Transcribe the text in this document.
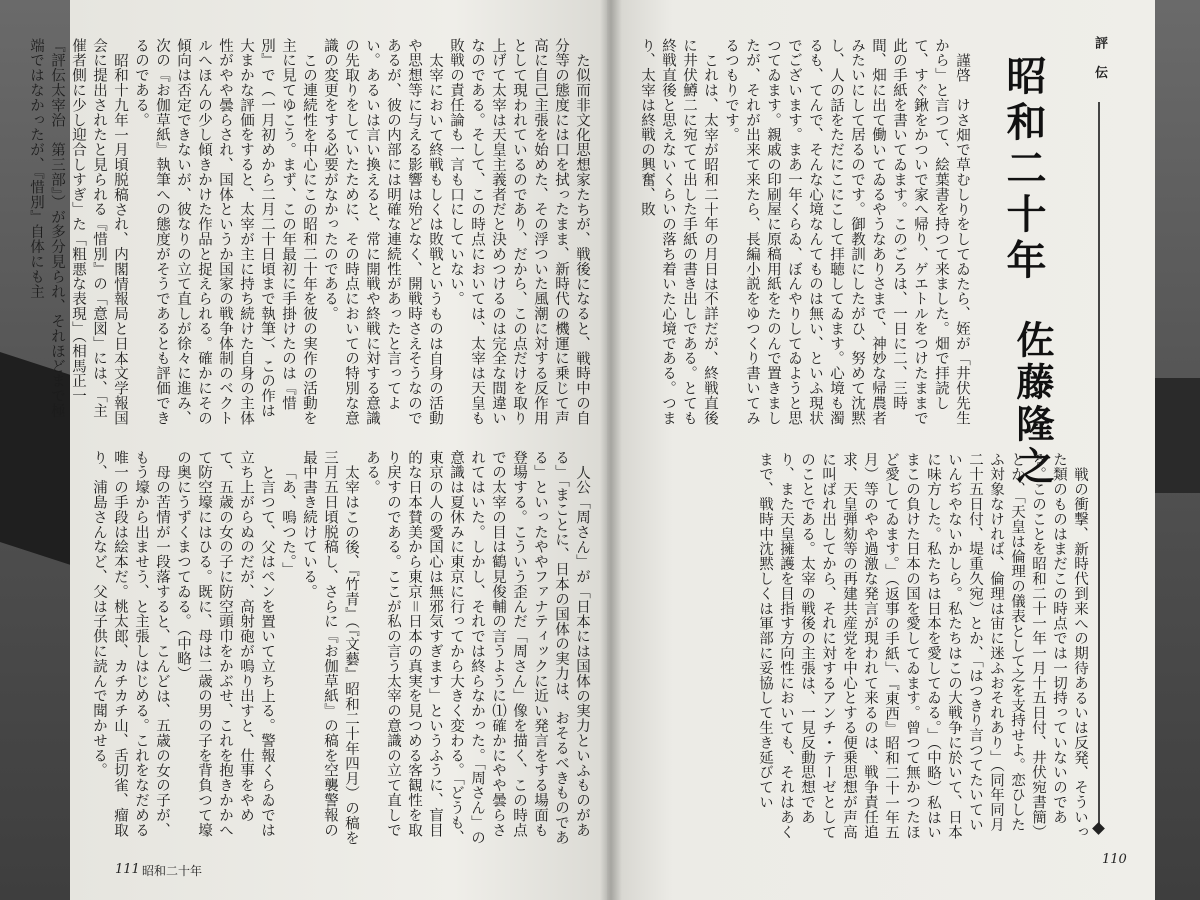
評 伝
昭和二十年
佐藤隆之

謹啓　けさ畑で草むしりをしてゐたら、姪が「井伏先生から」と言つて、絵葉書を持つて来ました。畑で拝読して、すぐ鍬をかついで家へ帰り、ゲエトルをつけたままで此の手紙を書いてゐます。このごろは、一日に二、三時間、畑に出て働いてゐるやうなありさまで、神妙な帰農者みたいにして居るのです。御教訓にしたがひ、努めて沈黙し、人の話をただにこにこして拝聴してゐます。心境も濁るも、てんで、そんな心境なんてものは無い、といふ現状でございます。まあ一年くらゐ、ぼんやりしてゐようと思つてゐます。親戚の印刷屋に原稿用紙をたのんで置きましたが、それが出来て来たら、長編小説をゆつくり書いてみるつもりです。

これは、太宰が昭和二十年の月日は不詳だが、終戦直後に井伏鱒二に宛てて出した手紙の書き出しである。とても終戦直後と思えないくらいの落ち着いた心境である。つまり、太宰は終戦の興奮、敗

戦の衝撃、新時代到来への期待あるいは反発、そういった類のものはまだこの時点では一切持っていないのである。このことを昭和二十一年一月十五日付、井伏宛書簡）とか、「天皇は倫理の儀表として之を支持せよ。恋ひしたふ対象なければ、倫理は宙に迷ふおそれあり」（同年同月二十五日付、堤重久宛）とか、「はつきり言つてたいていいんぢやないかしら。私たちはこの大戦争に於いて、日本に味方した。私たちは日本を愛してゐる。」（中略）私はいまこの負けた日本の国を愛してゐます。曾つて無かつたほど愛してゐます。」（返事の手紙」、『東西』昭和二十一年五月）等のやや過激な発言が現われて来るのは、戦争責任追求、天皇弾劾等の再建共産党を中心とする便乗思想が声高に叫ばれ出してから、それに対するアンチ・テーゼとしてのことである。太宰の戦後の主張は、一見反動思想であり、また天皇擁護を目指す方向性においても、それはあくまで、戦時中沈黙しくは軍部に妥協して生き延びてい

110

た似而非文化思想家たちが、戦後になると、戦時中の自分等の態度には口を拭ったまま、新時代の機運に乗じて声高に自己主張を始めた、その浮ついた風潮に対する反作用として現われているのであり、だから、この点だけを取り上げて太宰は天皇主義者だと決めつけるのは完全な間違いなのである。そして、この時点においては、太宰は天皇も敗戦の責任論も一言も口にしていない。

太宰において終戦もしくは敗戦というものは自身の活動や思想等に与える影響は殆どなく、開戦時さえそうなのであるが、彼の内部には明確な連続性があったと言ってよい。あるいは言い換えると、常に開戦や終戦に対する意識の先取りをしていたために、その時点においての特別な意識の変更をする必要がなかったのである。

この連続性を中心にこの昭和二十年を彼の実作の活動を主に見てゆこう。まず、この年最初に手掛けたのは『惜別』で（一月初めから二月二十日頃まで執筆）、この作は大まかな評価をすると、太宰が主に持ち続けた自身の主体性がやや曇らされ、国体というか国家の戦争体制のベクトルへほんの少し傾きかけた作品と捉えられる。確かにその傾向は否定できないが、彼なりの立て直しが徐々に進み、次の『お伽草紙』執筆への態度がそうであるとも評価できるのである。

昭和十九年一月頃脱稿され、内閣情報局と日本文学報国会に提出されたと見られる『惜別』の「意図」には、「主催者側に少し迎合しすぎ」た「粗悪な表現」（相馬正一『評伝太宰治　第三部』）が多分見られ、それほどまで極端ではなかったが、『惜別』自体にも主

人公「周さん」が「日本には国体の実力といふものがある」「まことに、日本の国体の実力は、おそるべきものである」といったややファナティックに近い発言をする場面も登場する。こういう歪んだ「周さん」像を描く、この時点での太宰の目は鶴見俊輔の言うように⑴確かにやや曇らされてはいた。しかし、それでは終らなかった。「周さん」の意識は夏休みに東京に行ってから大きく変わる。「どうも、東京の人の愛国心は無邪気すぎます」というふうに、盲目的な日本賛美から東京＝日本の真実を見つめる客観性を取り戻すのである。ここが私の言う太宰の意識の立て直しである。

太宰はこの後、『竹青』（『文藝』昭和二十年四月）の稿を三月五日頃脱稿し、さらに『お伽草紙』の稿を空襲警報の最中書き続けている。

「あ、鳴つた。」

と言つて、父はペンを置いて立ち上る。警報くらゐでは立ち上がらぬのだが、高射砲が鳴り出すと、仕事をやめて、五歳の女の子に防空頭巾をかぶせ、これを抱きかかへて防空壕にはひる。既に、母は二歳の男の子を背負つて壕の奥にうずくまつてゐる。（中略）

母の苦情が一段落すると、こんどは、五歳の女の子が、もう壕から出ませう、と主張しはじめる。これをなだめる唯一の手段は絵本だ。桃太郎、カチカチ山、舌切雀、瘤取り、浦島さんなど、父は子供に読んで聞かせる。

111 昭和二十年
